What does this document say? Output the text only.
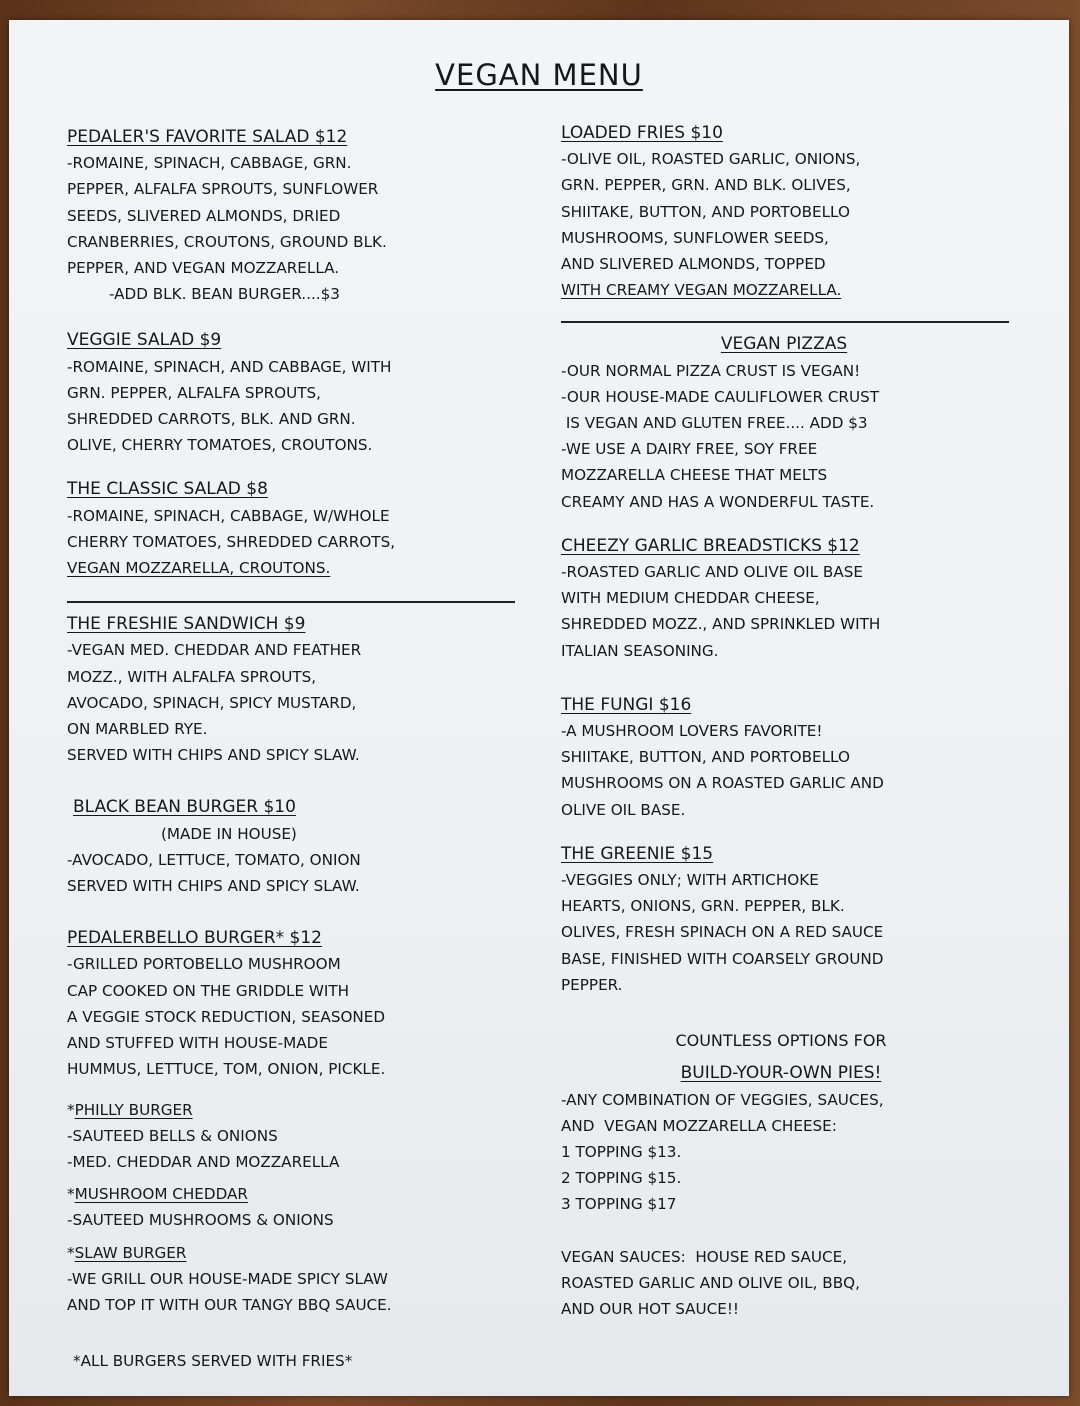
VEGAN MENU
PEDALER'S FAVORITE SALAD $12
-ROMAINE, SPINACH, CABBAGE, GRN.
PEPPER, ALFALFA SPROUTS, SUNFLOWER
SEEDS, SLIVERED ALMONDS, DRIED
CRANBERRIES, CROUTONS, GROUND BLK.
PEPPER, AND VEGAN MOZZARELLA.
-ADD BLK. BEAN BURGER....$3
VEGGIE SALAD $9
-ROMAINE, SPINACH, AND CABBAGE, WITH
GRN. PEPPER, ALFALFA SPROUTS,
SHREDDED CARROTS, BLK. AND GRN.
OLIVE, CHERRY TOMATOES, CROUTONS.
THE CLASSIC SALAD $8
-ROMAINE, SPINACH, CABBAGE, W/WHOLE
CHERRY TOMATOES, SHREDDED CARROTS,
VEGAN MOZZARELLA, CROUTONS.
THE FRESHIE SANDWICH $9
-VEGAN MED. CHEDDAR AND FEATHER
MOZZ., WITH ALFALFA SPROUTS,
AVOCADO, SPINACH, SPICY MUSTARD,
ON MARBLED RYE.
SERVED WITH CHIPS AND SPICY SLAW.
BLACK BEAN BURGER $10
(MADE IN HOUSE)
-AVOCADO, LETTUCE, TOMATO, ONION
SERVED WITH CHIPS AND SPICY SLAW.
PEDALERBELLO BURGER* $12
-GRILLED PORTOBELLO MUSHROOM
CAP COOKED ON THE GRIDDLE WITH
A VEGGIE STOCK REDUCTION, SEASONED
AND STUFFED WITH HOUSE-MADE
HUMMUS, LETTUCE, TOM, ONION, PICKLE.
*PHILLY BURGER
-SAUTEED BELLS & ONIONS
-MED. CHEDDAR AND MOZZARELLA
*MUSHROOM CHEDDAR
-SAUTEED MUSHROOMS & ONIONS
*SLAW BURGER
-WE GRILL OUR HOUSE-MADE SPICY SLAW
AND TOP IT WITH OUR TANGY BBQ SAUCE.
*ALL BURGERS SERVED WITH FRIES*
LOADED FRIES $10
-OLIVE OIL, ROASTED GARLIC, ONIONS,
GRN. PEPPER, GRN. AND BLK. OLIVES,
SHIITAKE, BUTTON, AND PORTOBELLO
MUSHROOMS, SUNFLOWER SEEDS,
AND SLIVERED ALMONDS, TOPPED
WITH CREAMY VEGAN MOZZARELLA.
VEGAN PIZZAS
-OUR NORMAL PIZZA CRUST IS VEGAN!
-OUR HOUSE-MADE CAULIFLOWER CRUST
IS VEGAN AND GLUTEN FREE.... ADD $3
-WE USE A DAIRY FREE, SOY FREE
MOZZARELLA CHEESE THAT MELTS
CREAMY AND HAS A WONDERFUL TASTE.
CHEEZY GARLIC BREADSTICKS $12
-ROASTED GARLIC AND OLIVE OIL BASE
WITH MEDIUM CHEDDAR CHEESE,
SHREDDED MOZZ., AND SPRINKLED WITH
ITALIAN SEASONING.
THE FUNGI $16
-A MUSHROOM LOVERS FAVORITE!
SHIITAKE, BUTTON, AND PORTOBELLO
MUSHROOMS ON A ROASTED GARLIC AND
OLIVE OIL BASE.
THE GREENIE $15
-VEGGIES ONLY; WITH ARTICHOKE
HEARTS, ONIONS, GRN. PEPPER, BLK.
OLIVES, FRESH SPINACH ON A RED SAUCE
BASE, FINISHED WITH COARSELY GROUND
PEPPER.
COUNTLESS OPTIONS FOR
BUILD-YOUR-OWN PIES!
-ANY COMBINATION OF VEGGIES, SAUCES,
AND  VEGAN MOZZARELLA CHEESE:
1 TOPPING $13.
2 TOPPING $15.
3 TOPPING $17
VEGAN SAUCES:  HOUSE RED SAUCE,
ROASTED GARLIC AND OLIVE OIL, BBQ,
AND OUR HOT SAUCE!!
